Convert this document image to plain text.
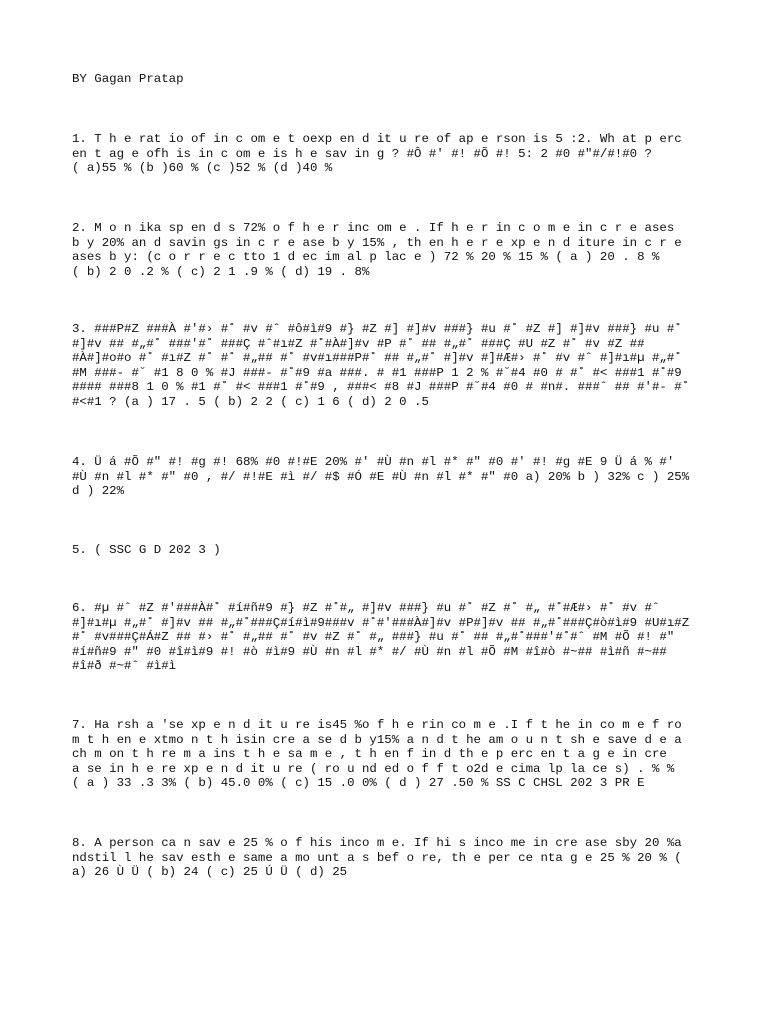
BY Gagan Pratap
1. T h e rat io of in c om e t oexp en d it u re of ap e rson is 5 :2. Wh at p erc
en t ag e ofh is in c om e is h e sav in g ? #Ô #' #! #Õ #! 5: 2 #0 #"#/#!#0 ?
( a)55 % (b )60 % (c )52 % (d )40 %
2. M o n ika sp en d s 72% o f h e r inc om e . If h e r in c o m e in c r e ases
b y 20% an d savin gs in c r e ase b y 15% , th en h e r e xp e n d iture in c r e
ases b y: (c o r r e c tto 1 d ec im al p lac e ) 72 % 20 % 15 % ( a ) 20 . 8 %
( b) 2 0 .2 % ( c) 2 1 .9 % ( d) 19 . 8%
3. ###P#Z ###À #'#› #˚ #v #ˆ #ô#ì#9 #} #Z #] #]#v ###} #u #˚ #Z #] #]#v ###} #u #˚
#]#v ## #„#˚ ###'#˚ ###Ç #ˆ#ı#Z #˚#À#]#v #P #˚ ## #„#˚ ###Ç #U #Z #˚ #v #Z ##
#À#]#o#o #˚ #ı#Z #˚ #˚ #„## #˚ #v#ı###P#˚ ## #„#˚ #]#v #]#Æ#› #˚ #v #ˆ #]#ı#µ #„#˚
#M ###- #˘ #1 8 0 % #J ###- #˚#9 #a ###. # #1 ###P 1 2 % #˘#4 #0 # #˚ #< ###1 #˚#9
#### ###8 1 0 % #1 #˚ #< ###1 #˚#9 , ###< #8 #J ###P #˘#4 #0 # #n#. ###ˆ ## #'#- #˚
#<#1 ? (a ) 17 . 5 ( b) 2 2 ( c) 1 6 ( d) 2 0 .5
4. Ü á #Õ #" #! #g #! 68% #0 #!#E 20% #' #Ù #n #l #* #" #0 #' #! #g #E 9 Ü á % #'
#Ù #n #l #* #" #0 , #/ #!#E #ì #/ #$ #Ó #E #Ù #n #l #* #" #0 a) 20% b ) 32% c ) 25%
d ) 22%
5. ( SSC G D 202 3 )
6. #µ #ˆ #Z #'###À#˚ #í#ñ#9 #} #Z #˚#„ #]#v ###} #u #˚ #Z #˚ #„ #˚#Æ#› #˚ #v #ˆ
#]#ı#µ #„#˚ #]#v ## #„#˚###Ç#í#ì#9###v #˚#'###À#]#v #P#]#v ## #„#˚###Ç#ò#ì#9 #U#ı#Z
#˚ #v###Ç#Á#Z ## #› #˚ #„## #˚ #v #Z #˚ #„ ###} #u #˚ ## #„#˚###'#˚#ˆ #M #Õ #! #"
#í#ñ#9 #" #0 #î#ì#9 #! #ò #ì#9 #Ù #n #l #* #/ #Ù #n #l #Õ #M #î#ò #~## #ì#ñ #~##
#î#ð #~#ˆ #ì#ì
7. Ha rsh a 'se xp e n d it u re is45 %o f h e rin co m e .I f t he in co m e f ro
m t h en e xtmo n t h isin cre a se d b y15% a n d t he am o u n t sh e save d e a
ch m on t h re m a ins t h e sa m e , t h en f in d th e p erc en t a g e in cre
a se in h e re xp e n d it u re ( ro u nd ed o f f t o2d e cima lp la ce s) . % %
( a ) 33 .3 3% ( b) 45.0 0% ( c) 15 .0 0% ( d ) 27 .50 % SS C CHSL 202 3 PR E
8. A person ca n sav e 25 % o f his inco m e. If hi s inco me in cre ase sby 20 %a
ndstil l he sav esth e same a mo unt a s bef o re, th e per ce nta g e 25 % 20 % (
a) 26 Ù Ü ( b) 24 ( c) 25 Ú Ü ( d) 25
